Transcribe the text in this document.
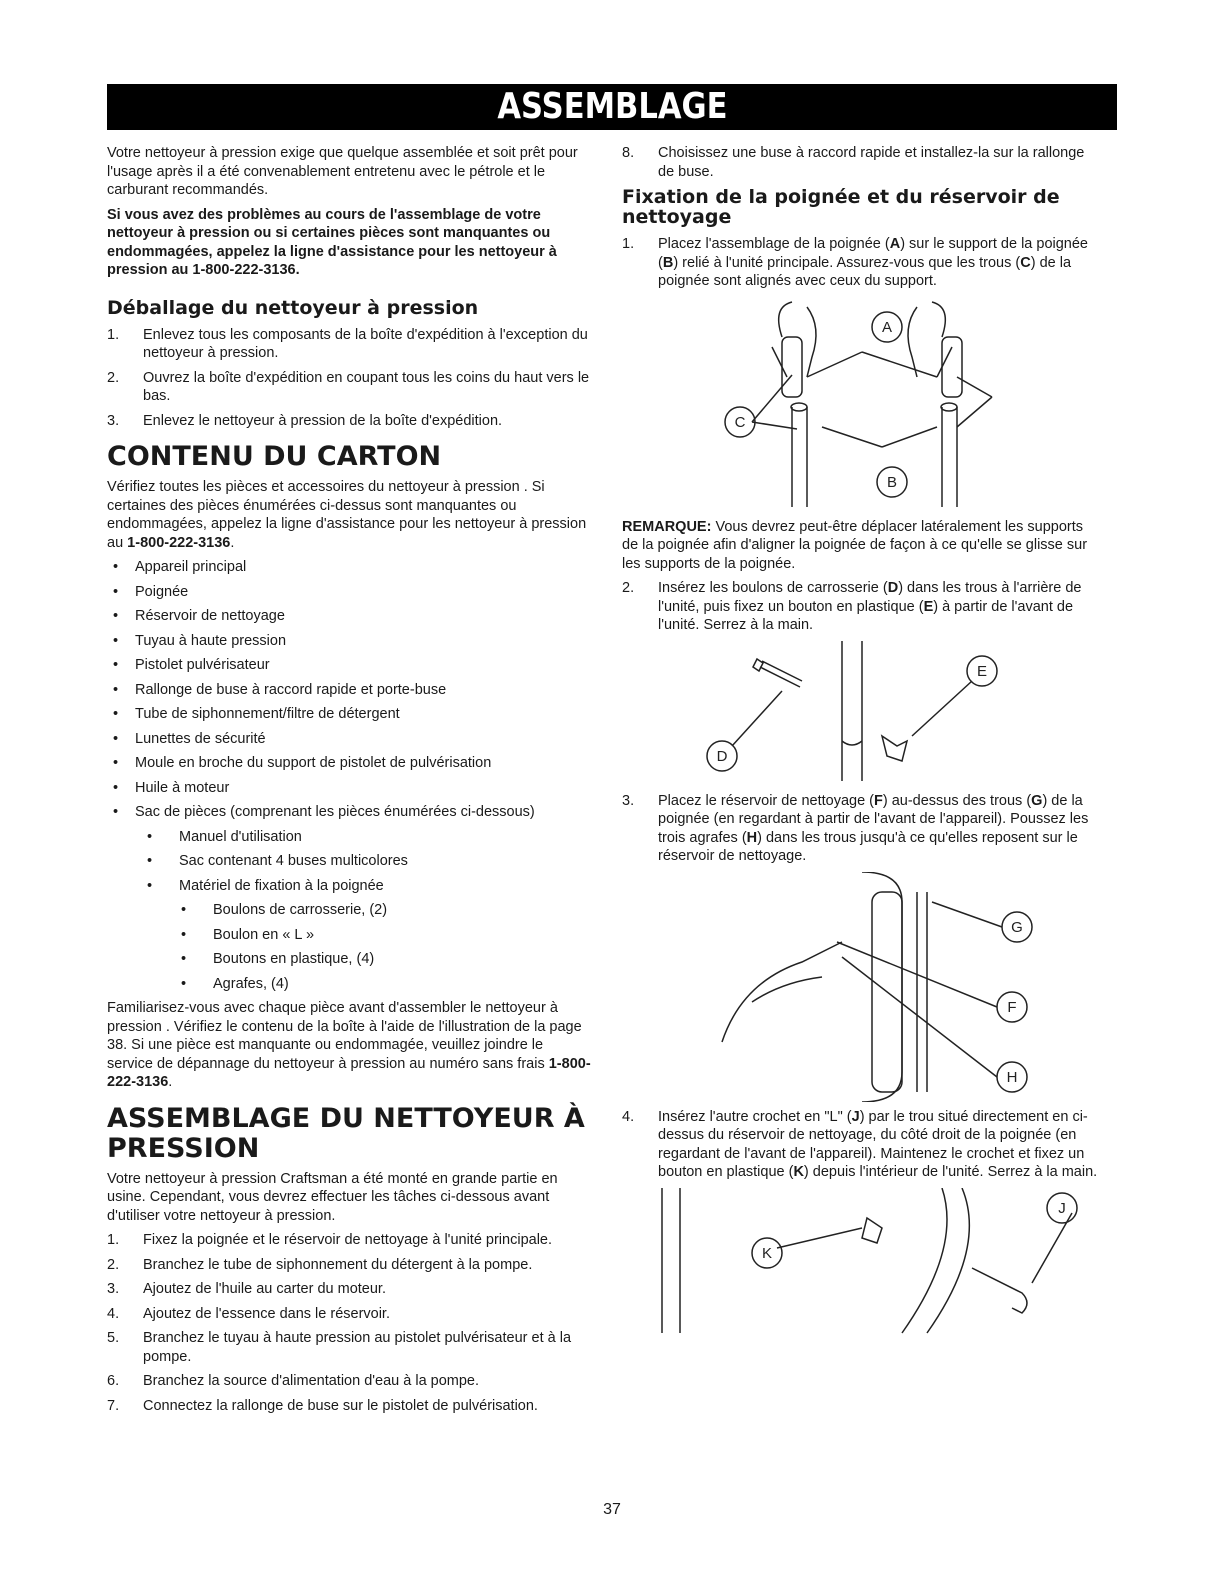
ASSEMBLAGE

Votre nettoyeur à pression exige que quelque assemblée et soit prêt pour l'usage après il a été convenablement entretenu avec le pétrole et le carburant recommandés.

Si vous avez des problèmes au cours de l'assemblage de votre nettoyeur à pression ou si certaines pièces sont manquantes ou endommagées, appelez la ligne d'assistance pour les nettoyeur à pression au 1-800-222-3136.

Déballage du nettoyeur à pression
1. Enlevez tous les composants de la boîte d'expédition à l'exception du nettoyeur à pression.
2. Ouvrez la boîte d'expédition en coupant tous les coins du haut vers le bas.
3. Enlevez le nettoyeur à pression de la boîte d'expédition.
CONTENU DU CARTON

Vérifiez toutes les pièces et accessoires du nettoyeur à pression . Si certaines des pièces énumérées ci-dessus sont manquantes ou endommagées, appelez la ligne d'assistance pour les nettoyeur à pression au 1-800-222-3136.

• Appareil principal
• Poignée
• Réservoir de nettoyage
• Tuyau à haute pression
• Pistolet pulvérisateur
• Rallonge de buse à raccord rapide et porte-buse
• Tube de siphonnement/filtre de détergent
• Lunettes de sécurité
• Moule en broche du support de pistolet de pulvérisation
• Huile à moteur
• Sac de pièces (comprenant les pièces énumérées ci-dessous)
• Manuel d'utilisation
• Sac contenant 4 buses multicolores
• Matériel de fixation à la poignée
• Boulons de carrosserie, (2)
• Boulon en « L »
• Boutons en plastique, (4)
• Agrafes, (4)

Familiarisez-vous avec chaque pièce avant d'assembler le nettoyeur à pression . Vérifiez le contenu de la boîte à l'aide de l'illustration de la page 38. Si une pièce est manquante ou endommagée, veuillez joindre le service de dépannage du nettoyeur à pression au numéro sans frais 1-800-222-3136.

ASSEMBLAGE DU NETTOYEUR À PRESSION

Votre nettoyeur à pression Craftsman a été monté en grande partie en usine. Cependant, vous devrez effectuer les tâches ci-dessous avant d'utiliser votre nettoyeur à pression.

1. Fixez la poignée et le réservoir de nettoyage à l'unité principale.
2. Branchez le tube de siphonnement du détergent à la pompe.
3. Ajoutez de l'huile au carter du moteur.
4. Ajoutez de l'essence dans le réservoir.
5. Branchez le tuyau à haute pression au pistolet pulvérisateur et à la pompe.
6. Branchez la source d'alimentation d'eau à la pompe.
7. Connectez la rallonge de buse sur le pistolet de pulvérisation.
8. Choisissez une buse à raccord rapide et installez-la sur la rallonge de buse.
Fixation de la poignée et du réservoir de nettoyage
1. Placez l'assemblage de la poignée (A) sur le support de la poignée (B) relié à l'unité principale. Assurez-vous que les trous (C) de la poignée sont alignés avec ceux du support.
A
C
B

REMARQUE: Vous devrez peut-être déplacer latéralement les supports de la poignée afin d'aligner la poignée de façon à ce qu'elle se glisse sur les supports de la poignée.

2. Insérez les boulons de carrosserie (D) dans les trous à l'arrière de l'unité, puis fixez un bouton en plastique (E) à partir de l'avant de l'unité. Serrez à la main.
D
E
3. Placez le réservoir de nettoyage (F) au-dessus des trous (G) de la poignée (en regardant à partir de l'avant de l'appareil). Poussez les trois agrafes (H) dans les trous jusqu'à ce qu'elles reposent sur le réservoir de nettoyage.
G
F
H
4. Insérez l'autre crochet en "L" (J) par le trou situé directement en ci-dessus du réservoir de nettoyage, du côté droit de la poignée (en regardant de l'avant de l'appareil). Maintenez le crochet et fixez un bouton en plastique (K) depuis l'intérieur de l'unité. Serrez à la main.
K
J
37
